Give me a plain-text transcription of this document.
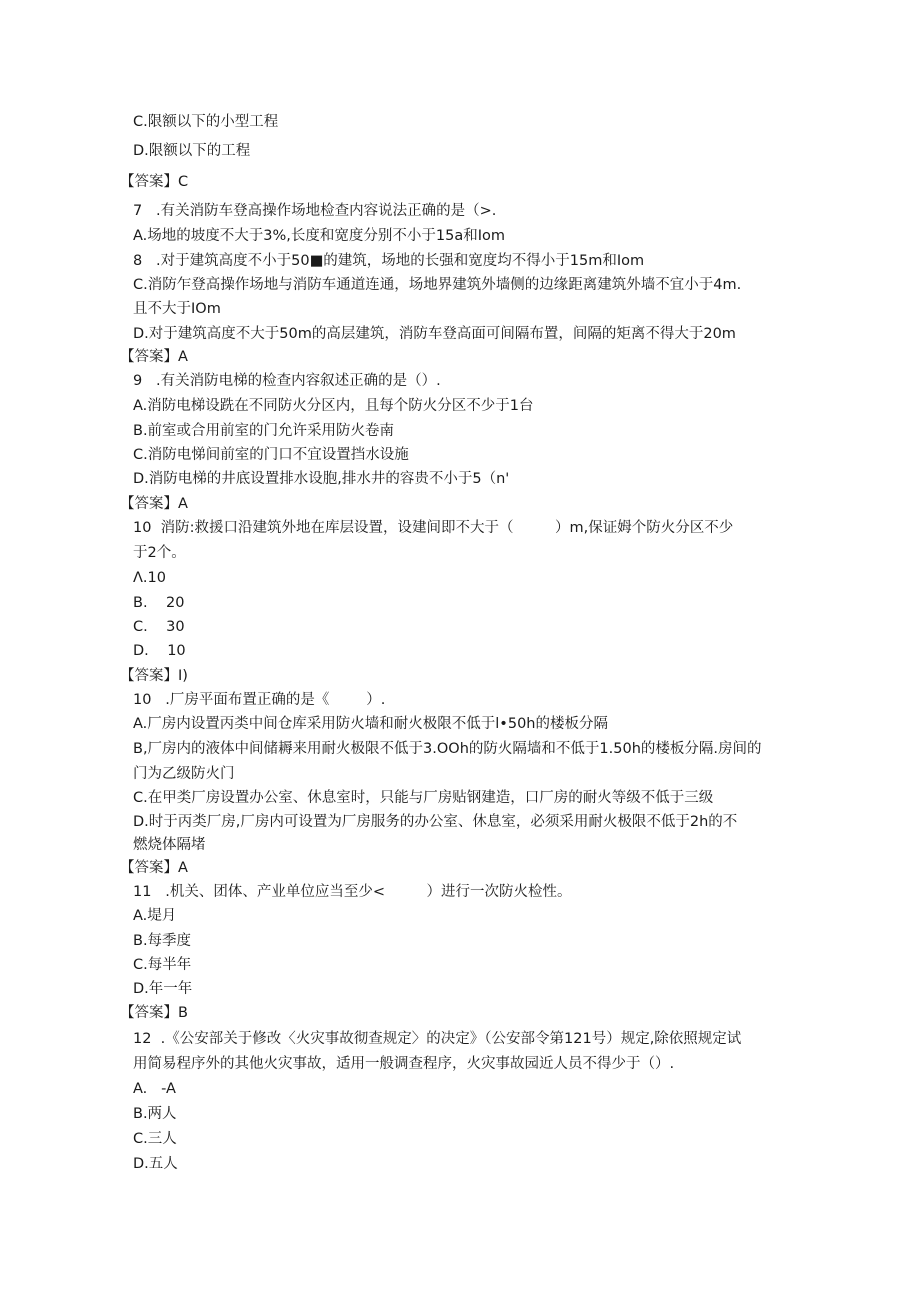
C.限额以下的小型工程
D.限额以下的工程
【答案】C
7   .有关消防车登高操作场地检查内容说法正确的是（>.
A.场地的坡度不大于3%,长度和宽度分别不小于15a和Iom
8   .对于建筑高度不小于50■的建筑，场地的长强和宽度均不得小于15m和Iom
C.消防乍登高操作场地与消防车通道连通，场地界建筑外墙侧的边缘距离建筑外墙不宜小于4m.
且不大于IOm
D.对于建筑高度不大于50m的高层建筑，消防车登高面可间隔布置，间隔的矩离不得大于20m
【答案】A
9   .有关消防电梯的检查内容叙述正确的是（）.
A.消防电梯设跣在不同防火分区内，且每个防火分区不少于1台
B.前室或合用前室的门允许采用防火卷南
C.消防电悌间前室的门口不宜设置挡水设施
D.消防电梯的井底设置排水设胞,排水井的容贵不小于5（n'
【答案】A
10  消防:救援口沿建筑外地在库层设置，设建间即不大于（         ）m,保证姆个防火分区不少
于2个。
Λ.10
B.    20
C.    30
D.    10
【答案】I)
10   .厂房平面布置正确的是《        ）.
A.厂房内设置丙类中间仓库采用防火墙和耐火极限不低于l•50h的楼板分隔
B,厂房内的液体中间储耨来用耐火极限不低于3.OOh的防火隔墙和不低于1.50h的楼板分隔.房间的
门为乙级防火门
C.在甲类厂房设置办公室、休息室时，只能与厂房贴钢建造，口厂房的耐火等级不低于三级
D.时于丙类厂房,厂房内可设置为厂房服务的办公室、休息室，必须采用耐火极限不低于2h的不
燃烧体隔堵
【答案】A
11   .机关、团体、产业单位应当至少<         ）进行一次防火检性。
A.堤月
B.每季度
C.每半年
D.年一年
【答案】B
12  .《公安部关于修改〈火灾事故彻查规定〉的决定》（公安部令第121号）规定,除依照规定试
用简易程序外的其他火灾事故，适用一般调查程序，火灾事故园近人员不得少于（）.
A.   -A
B.两人
C.三人
D.五人
